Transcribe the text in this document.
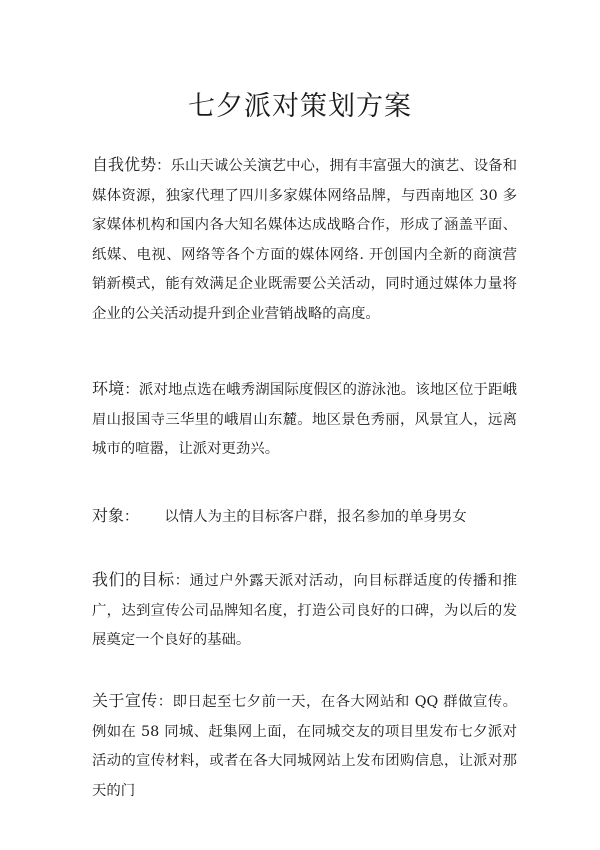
七夕派对策划方案

自我优势：乐山天诚公关演艺中心，拥有丰富强大的演艺、设备和媒体资源，独家代理了四川多家媒体网络品牌，与西南地区 30 多家媒体机构和国内各大知名媒体达成战略合作，形成了涵盖平面、纸媒、电视、网络等各个方面的媒体网络. 开创国内全新的商演营销新模式，能有效满足企业既需要公关活动，同时通过媒体力量将企业的公关活动提升到企业营销战略的高度。

环境：派对地点选在峨秀湖国际度假区的游泳池。该地区位于距峨眉山报国寺三华里的峨眉山东麓。地区景色秀丽，风景宜人，远离城市的喧嚣，让派对更劲兴。

对象： 以情人为主的目标客户群，报名参加的单身男女

我们的目标：通过户外露天派对活动，向目标群适度的传播和推广，达到宣传公司品牌知名度，打造公司良好的口碑，为以后的发展奠定一个良好的基础。

关于宣传：即日起至七夕前一天，在各大网站和 QQ 群做宣传。例如在 58 同城、赶集网上面，在同城交友的项目里发布七夕派对活动的宣传材料，或者在各大同城网站上发布团购信息，让派对那天的门
